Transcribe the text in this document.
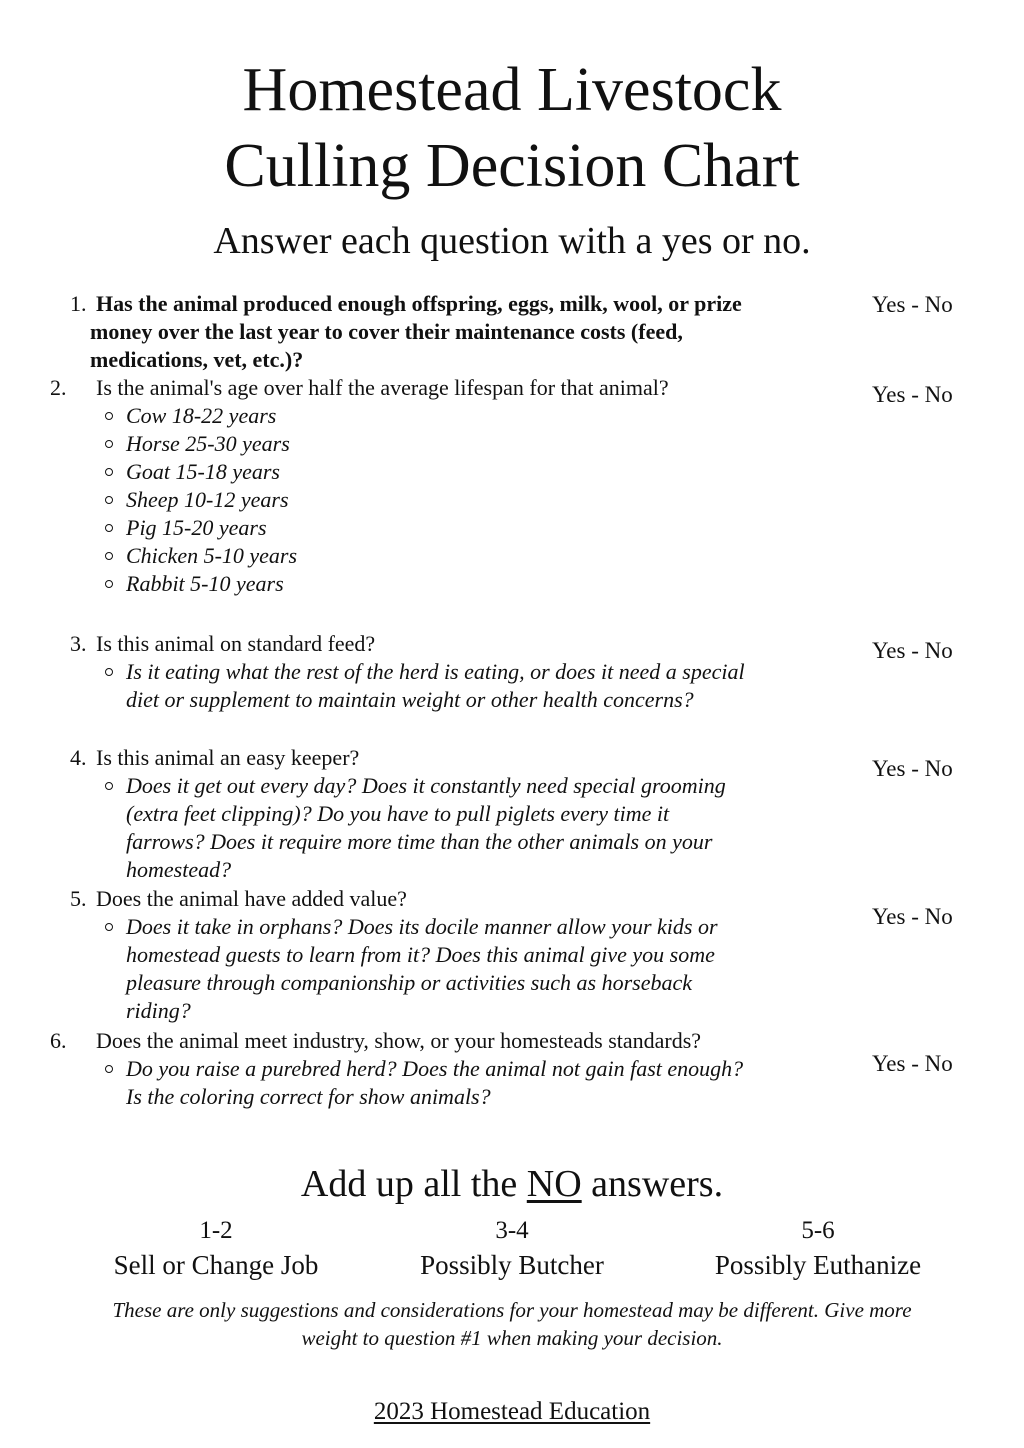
Homestead Livestock
Culling Decision Chart
Answer each question with a yes or no.
1. Has the animal produced enough offspring, eggs, milk, wool, or prize money over the last year to cover their maintenance costs (feed, medications, vet, etc.)?
Yes - No
2. Is the animal's age over half the average lifespan for that animal?
Cow 18-22 years
Horse 25-30 years
Goat 15-18 years
Sheep 10-12 years
Pig 15-20 years
Chicken 5-10 years
Rabbit 5-10 years
Yes - No
3. Is this animal on standard feed?
Is it eating what the rest of the herd is eating, or does it need a special diet or supplement to maintain weight or other health concerns?
Yes - No
4. Is this animal an easy keeper?
Does it get out every day? Does it constantly need special grooming (extra feet clipping)? Do you have to pull piglets every time it farrows? Does it require more time than the other animals on your homestead?
Yes - No
5. Does the animal have added value?
Does it take in orphans? Does its docile manner allow your kids or homestead guests to learn from it? Does this animal give you some pleasure through companionship or activities such as horseback riding?
Yes - No
6. Does the animal meet industry, show, or your homesteads standards?
Do you raise a purebred herd? Does the animal not gain fast enough? Is the coloring correct for show animals?
Yes - No
Add up all the NO answers.
1-2
Sell or Change Job
3-4
Possibly Butcher
5-6
Possibly Euthanize
These are only suggestions and considerations for your homestead may be different. Give more weight to question #1 when making your decision.
2023 Homestead Education
